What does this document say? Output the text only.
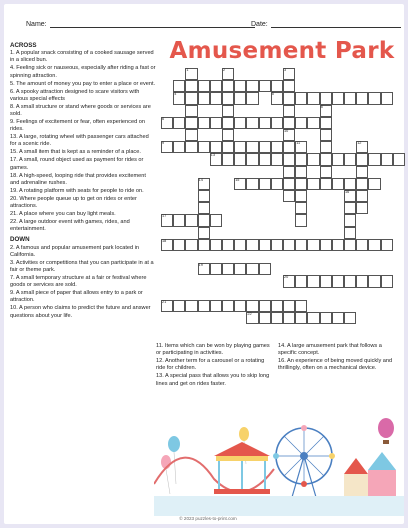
Name:	Date:
Amusement Park
ACROSS
1. A popular snack consisting of a cooked sausage served in a sliced bun.
4. Feeling sick or nauseous, especially after riding a fast or spinning attraction.
5. The amount of money you pay to enter a place or event.
6. A spooky attraction designed to scare visitors with various special effects
8. A small structure or stand where goods or services are sold.
9. Feelings of excitement or fear, often experienced on rides.
13. A large, rotating wheel with passenger cars attached for a scenic ride.
15. A small item that is kept as a reminder of a place.
17. A small, round object used as payment for rides or games.
18. A high-speed, looping ride that provides excitement and adrenaline rushes.
19. A rotating platform with seats for people to ride on.
20. Where people queue up to get on rides or enter attractions.
21. A place where you can buy light meals.
22. A large outdoor event with games, rides, and entertainment.
DOWN
2. A famous and popular amusement park located in California.
3. Activities or competitions that you can participate in at a fair or theme park.
7. A small temporary structure at a fair or festival where goods or services are sold.
9. A small piece of paper that allows entry to a park or attraction.
10. A person who claims to predict the future and answer questions about your life.
1	2	3
4	5
6
8
9
10
11	12
13
14	15
16
17
18
19
20
21
22
11. Items which can be won by playing games or participating in activities.
12. Another term for a carousel or a rotating ride for children.
13. A special pass that allows you to skip long lines and get on rides faster.
14. A large amusement park that follows a specific concept.
16. An experience of being moved quickly and thrillingly, often on a mechanical device.
© 2023 puzzles-to-print.com
